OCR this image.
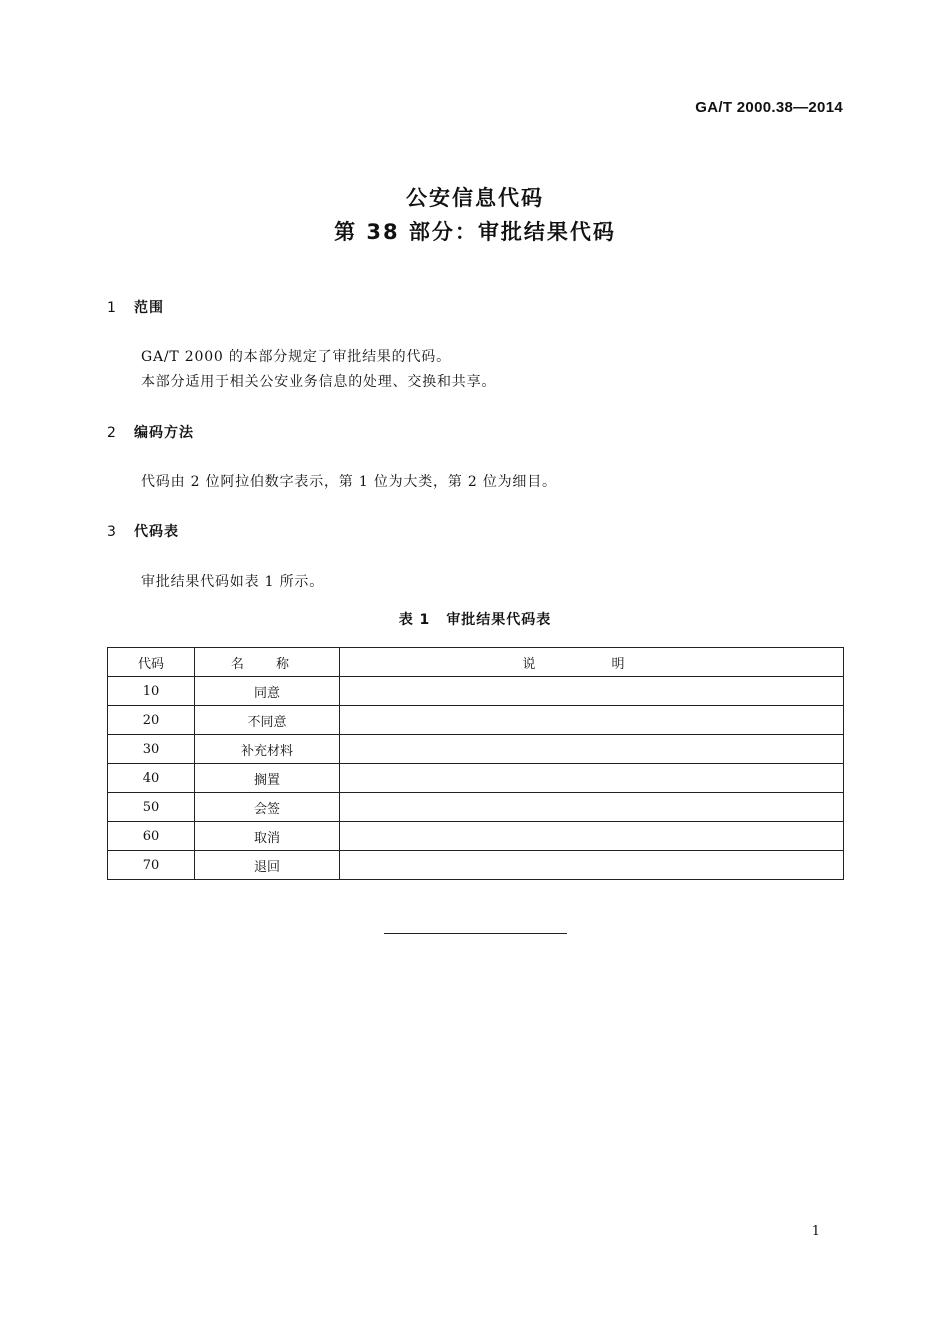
GA/T 2000.38—2014
公安信息代码
第 38 部分：审批结果代码
1 范围
GA/T 2000 的本部分规定了审批结果的代码。
本部分适用于相关公安业务信息的处理、交换和共享。
2 编码方法
代码由 2 位阿拉伯数字表示，第 1 位为大类，第 2 位为细目。
3 代码表
审批结果代码如表 1 所示。
表 1 审批结果代码表
代码	名 称	说 明
10	同意	
20	不同意	
30	补充材料	
40	搁置	
50	会签	
60	取消	
70	退回	
1
